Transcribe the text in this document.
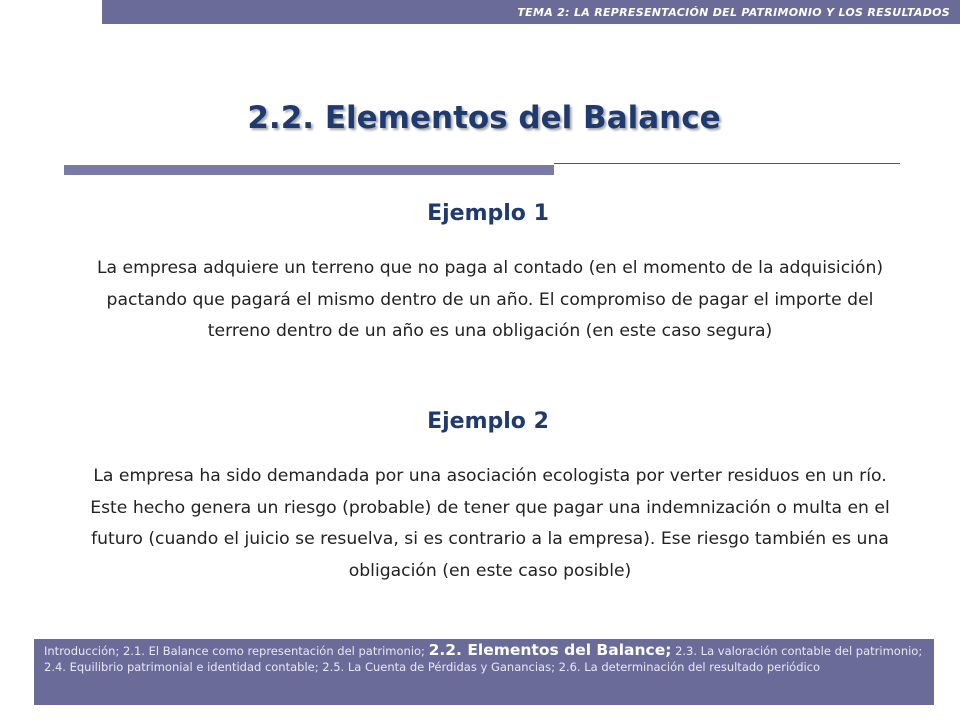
TEMA 2: LA REPRESENTACIÓN DEL PATRIMONIO Y LOS RESULTADOS
2.2. Elementos del Balance
Ejemplo 1

La empresa adquiere un terreno que no paga al contado (en el momento de la adquisición) pactando que pagará el mismo dentro de un año. El compromiso de pagar el importe del terreno dentro de un año es una obligación (en este caso segura)

Ejemplo 2

La empresa ha sido demandada por una asociación ecologista por verter residuos en un río. Este hecho genera un riesgo (probable) de tener que pagar una indemnización o multa en el futuro (cuando el juicio se resuelva, si es contrario a la empresa). Ese riesgo también es una obligación (en este caso posible)

Introducción; 2.1. El Balance como representación del patrimonio; 2.2. Elementos del Balance; 2.3. La valoración contable del patrimonio; 2.4. Equilibrio patrimonial e identidad contable; 2.5. La Cuenta de Pérdidas y Ganancias; 2.6. La determinación del resultado periódico
